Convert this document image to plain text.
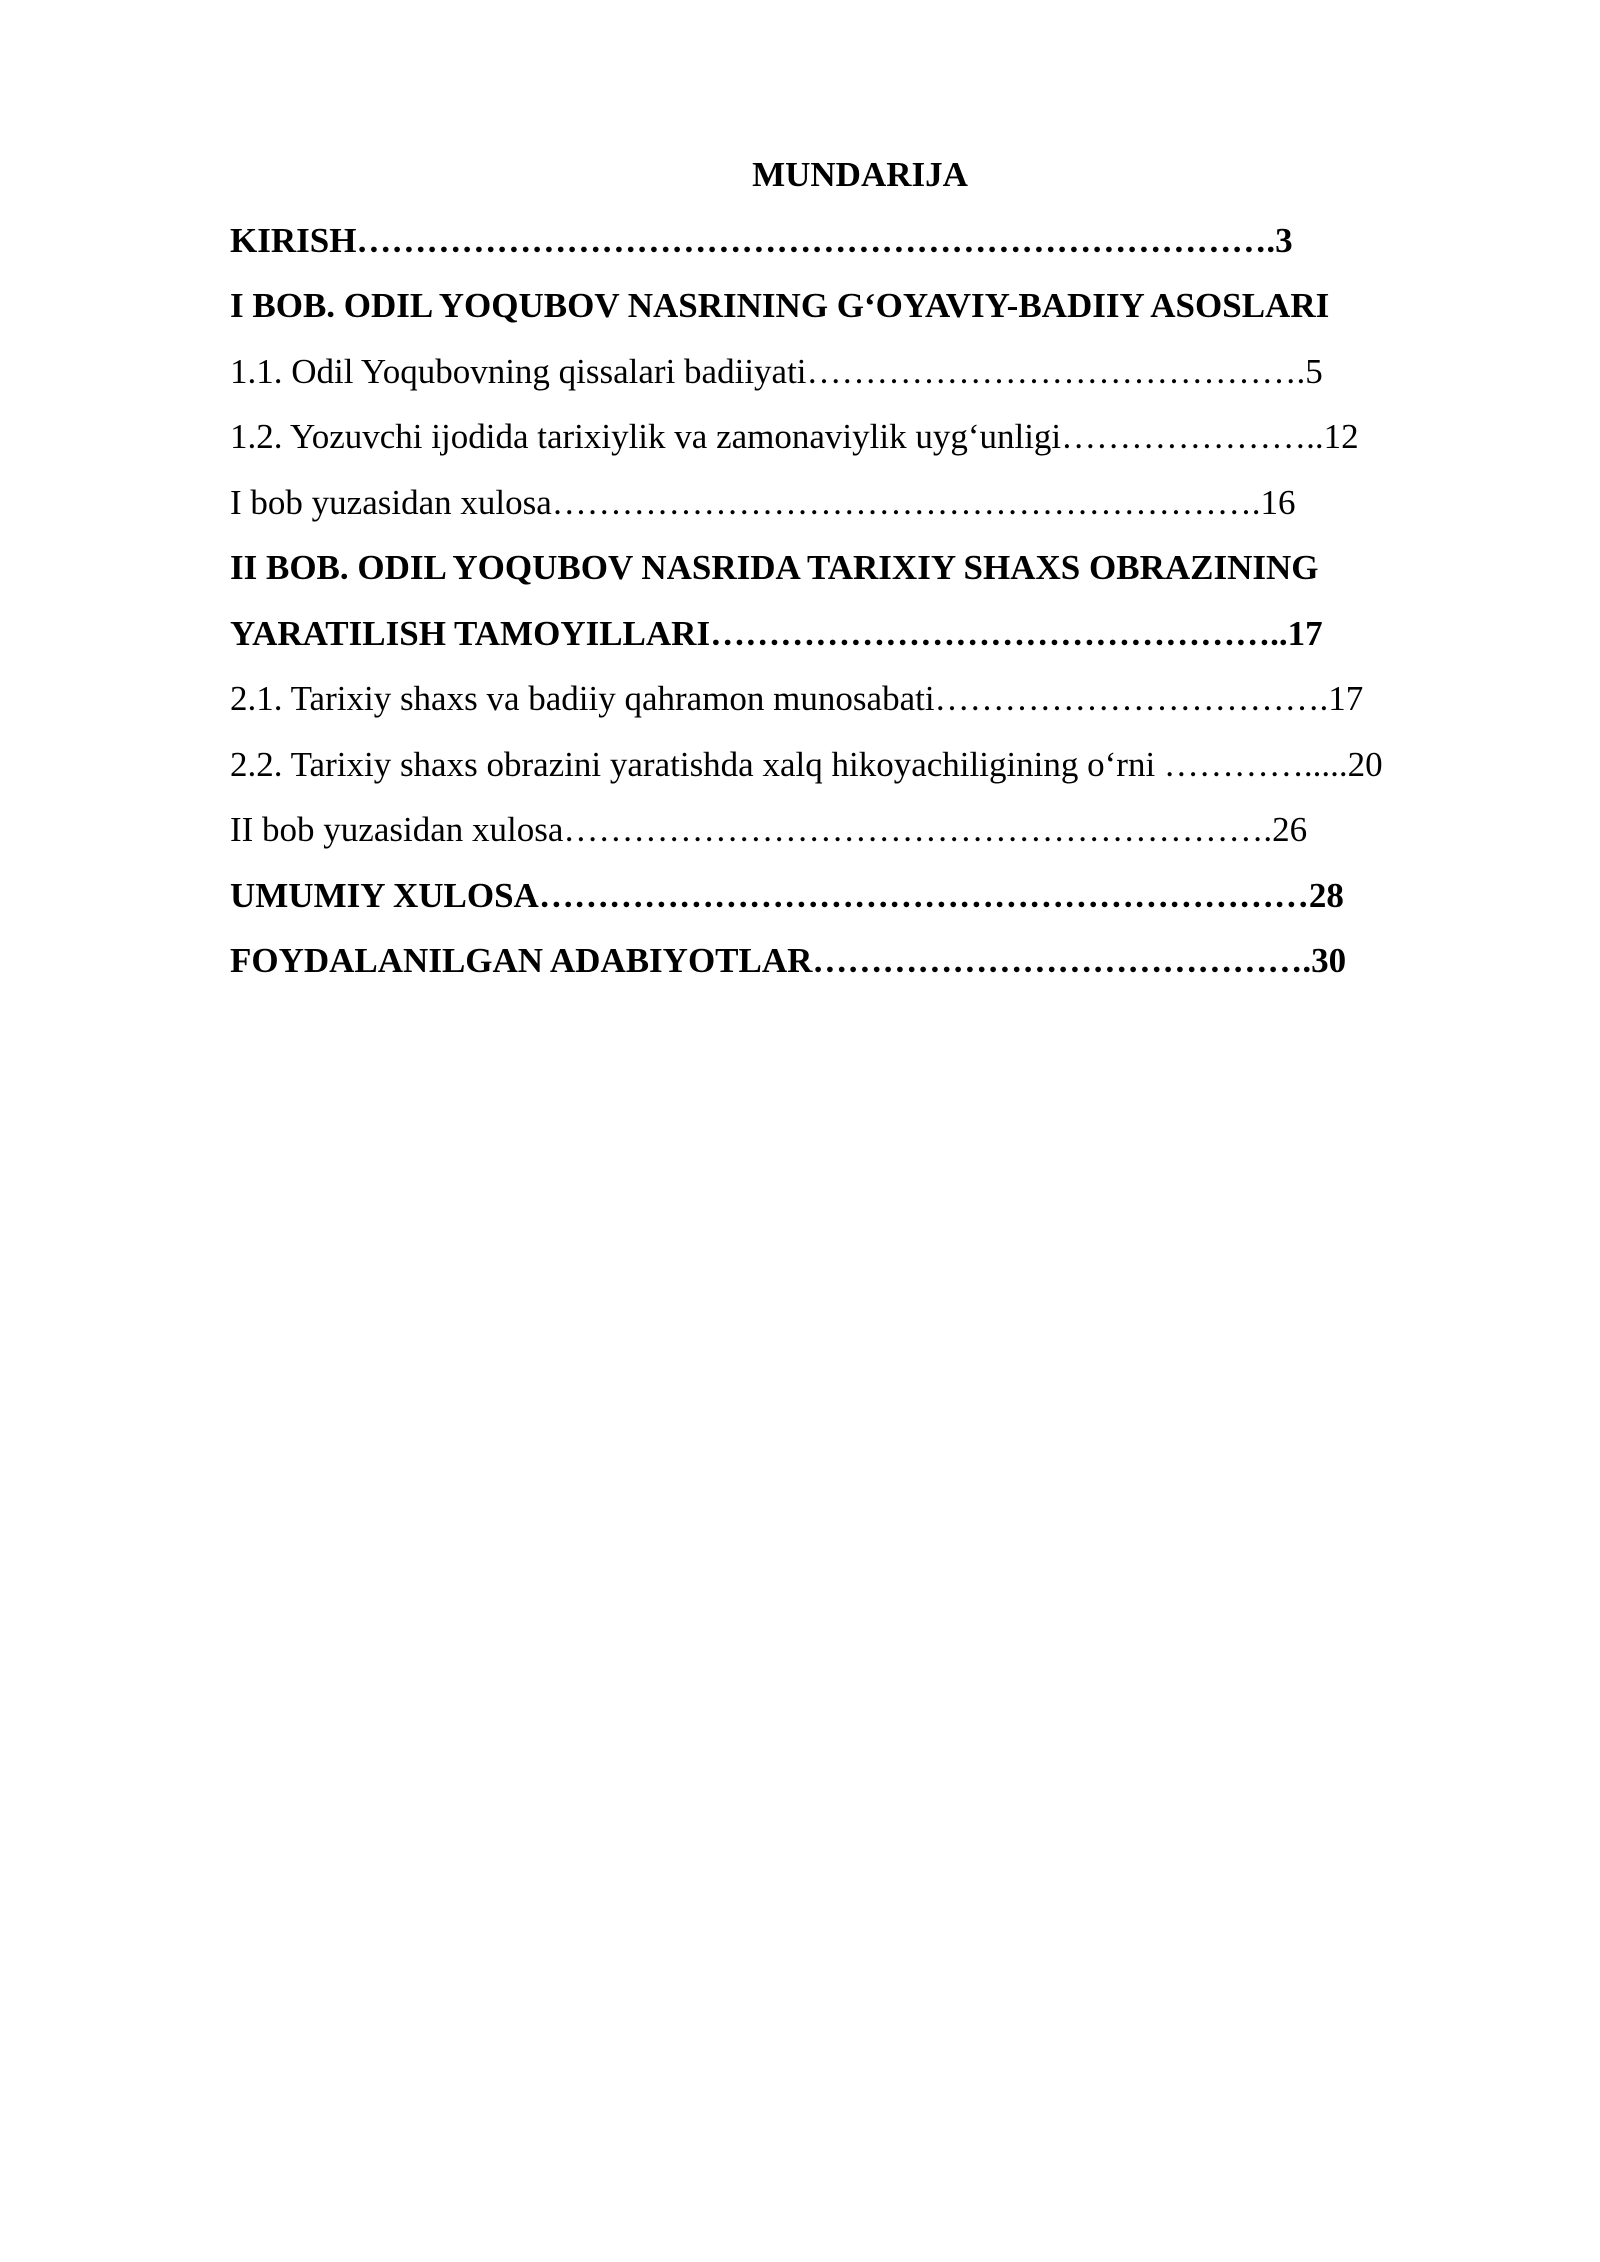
MUNDARIJA
KIRISH…………………………………………………………………….3
I BOB. ODIL YOQUBOV NASRINING G‘OYAVIY-BADIIY ASOSLARI
1.1. Odil Yoqubovning qissalari badiiyati…………………………………….5
1.2. Yozuvchi ijodida tarixiylik va zamonaviylik uyg‘unligi…………………..12
I bob yuzasidan xulosa…………………………………………………….16
II BOB. ODIL YOQUBOV NASRIDA TARIXIY SHAXS OBRAZINING
YARATILISH TAMOYILLARI…………………………………………..17
2.1. Tarixiy shaxs va badiiy qahramon munosabati…………………………….17
2.2. Tarixiy shaxs obrazini yaratishda xalq hikoyachiligining o‘rni ………….....20
II bob yuzasidan xulosa…………………………………………………….26
UMUMIY XULOSA…………………………………………………………28
FOYDALANILGAN ADABIYOTLAR…………………………………….30
